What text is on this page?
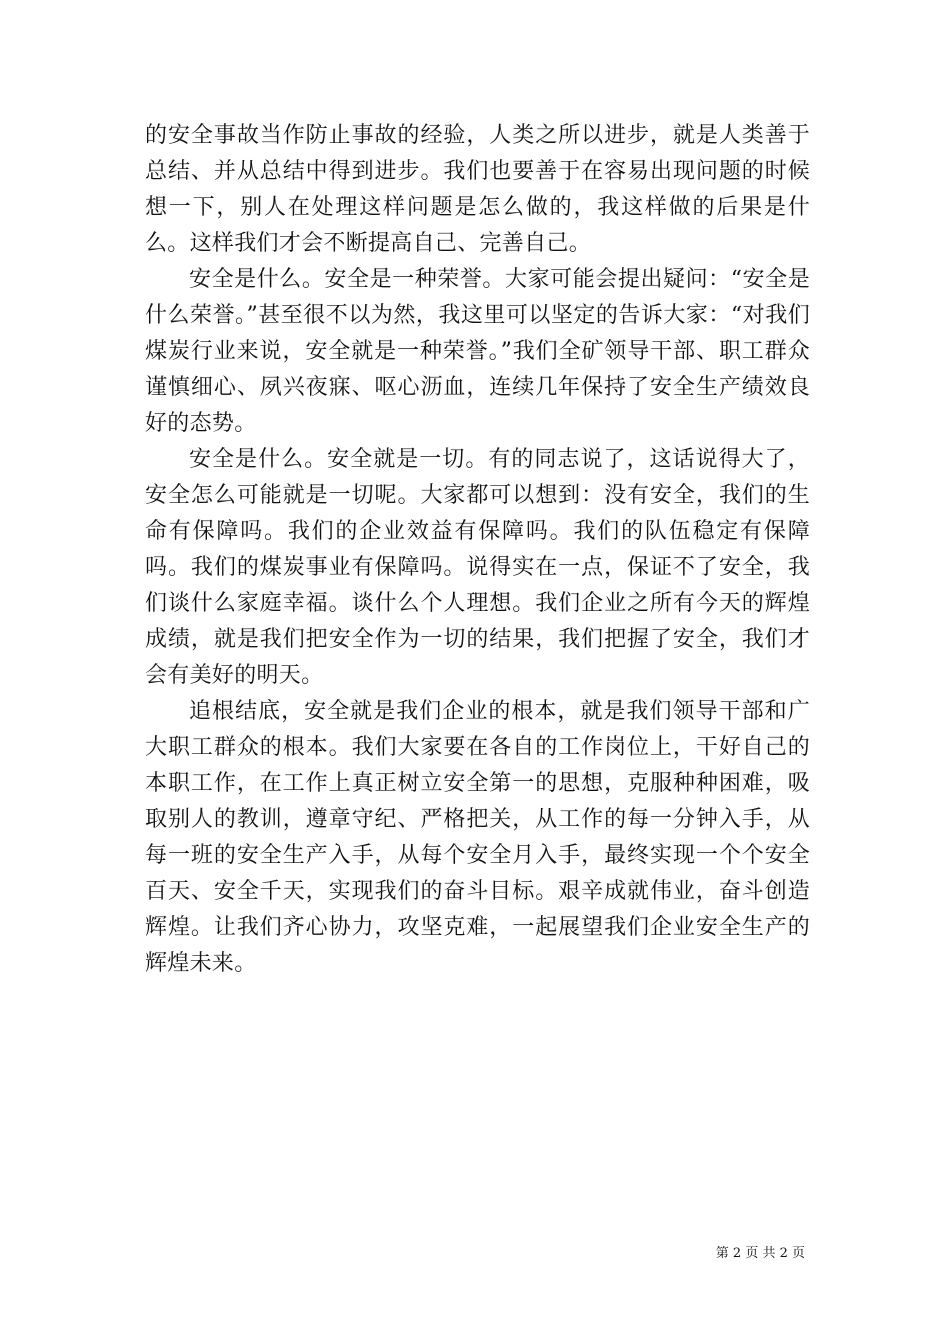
的安全事故当作防止事故的经验，人类之所以进步，就是人类善于总结、并从总结中得到进步。我们也要善于在容易出现问题的时候想一下，别人在处理这样问题是怎么做的，我这样做的后果是什么。这样我们才会不断提高自己、完善自己。

安全是什么。安全是一种荣誉。大家可能会提出疑问：“安全是什么荣誉。”甚至很不以为然，我这里可以坚定的告诉大家：“对我们煤炭行业来说，安全就是一种荣誉。”我们全矿领导干部、职工群众谨慎细心、夙兴夜寐、呕心沥血，连续几年保持了安全生产绩效良好的态势。

安全是什么。安全就是一切。有的同志说了，这话说得大了，安全怎么可能就是一切呢。大家都可以想到：没有安全，我们的生命有保障吗。我们的企业效益有保障吗。我们的队伍稳定有保障吗。我们的煤炭事业有保障吗。说得实在一点，保证不了安全，我们谈什么家庭幸福。谈什么个人理想。我们企业之所有今天的辉煌成绩，就是我们把安全作为一切的结果，我们把握了安全，我们才会有美好的明天。

追根结底，安全就是我们企业的根本，就是我们领导干部和广大职工群众的根本。我们大家要在各自的工作岗位上，干好自己的本职工作，在工作上真正树立安全第一的思想，克服种种困难，吸取别人的教训，遵章守纪、严格把关，从工作的每一分钟入手，从每一班的安全生产入手，从每个安全月入手，最终实现一个个安全百天、安全千天，实现我们的奋斗目标。艰辛成就伟业，奋斗创造辉煌。让我们齐心协力，攻坚克难，一起展望我们企业安全生产的辉煌未来。

第 2 页 共 2 页
